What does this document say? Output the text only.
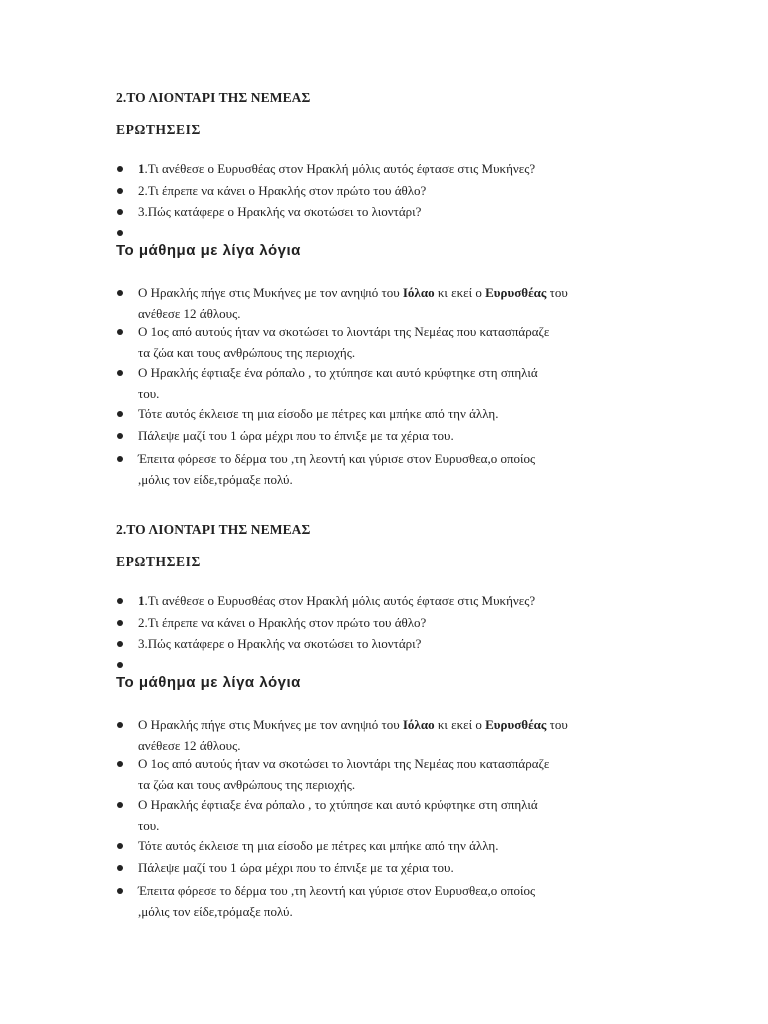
2.ΤΟ ΛΙΟΝΤΑΡΙ ΤΗΣ ΝΕΜΕΑΣ
ΕΡΩΤΗΣΕΙΣ
1.Τι ανέθεσε ο Ευρυσθέας στον Ηρακλή μόλις αυτός έφτασε στις Μυκήνες?
2.Τι έπρεπε να κάνει ο Ηρακλής στον πρώτο του άθλο?
3.Πώς κατάφερε ο Ηρακλής να σκοτώσει το λιοντάρι?

Το μάθημα με λίγα λόγια
Ο Ηρακλής πήγε στις Μυκήνες με τον ανηψιό του Ιόλαο κι εκεί ο Ευρυσθέας του
ανέθεσε 12 άθλους.
Ο 1ος από αυτούς ήταν να σκοτώσει το λιοντάρι της Νεμέας που κατασπάραζε
τα ζώα και τους ανθρώπους της περιοχής.
Ο Ηρακλής έφτιαξε ένα ρόπαλο , το χτύπησε και αυτό κρύφτηκε στη σπηλιά
του.
Τότε αυτός έκλεισε τη μια είσοδο με πέτρες και μπήκε από την άλλη.
Πάλεψε μαζί του 1 ώρα μέχρι που το έπνιξε με τα χέρια του.
Έπειτα φόρεσε το δέρμα του ,τη λεοντή και γύρισε στον Ευρυσθεα,ο οποίος
,μόλις τον είδε,τρόμαξε πολύ.
2.ΤΟ ΛΙΟΝΤΑΡΙ ΤΗΣ ΝΕΜΕΑΣ
ΕΡΩΤΗΣΕΙΣ
1.Τι ανέθεσε ο Ευρυσθέας στον Ηρακλή μόλις αυτός έφτασε στις Μυκήνες?
2.Τι έπρεπε να κάνει ο Ηρακλής στον πρώτο του άθλο?
3.Πώς κατάφερε ο Ηρακλής να σκοτώσει το λιοντάρι?

Το μάθημα με λίγα λόγια
Ο Ηρακλής πήγε στις Μυκήνες με τον ανηψιό του Ιόλαο κι εκεί ο Ευρυσθέας του
ανέθεσε 12 άθλους.
Ο 1ος από αυτούς ήταν να σκοτώσει το λιοντάρι της Νεμέας που κατασπάραζε
τα ζώα και τους ανθρώπους της περιοχής.
Ο Ηρακλής έφτιαξε ένα ρόπαλο , το χτύπησε και αυτό κρύφτηκε στη σπηλιά
του.
Τότε αυτός έκλεισε τη μια είσοδο με πέτρες και μπήκε από την άλλη.
Πάλεψε μαζί του 1 ώρα μέχρι που το έπνιξε με τα χέρια του.
Έπειτα φόρεσε το δέρμα του ,τη λεοντή και γύρισε στον Ευρυσθεα,ο οποίος
,μόλις τον είδε,τρόμαξε πολύ.
